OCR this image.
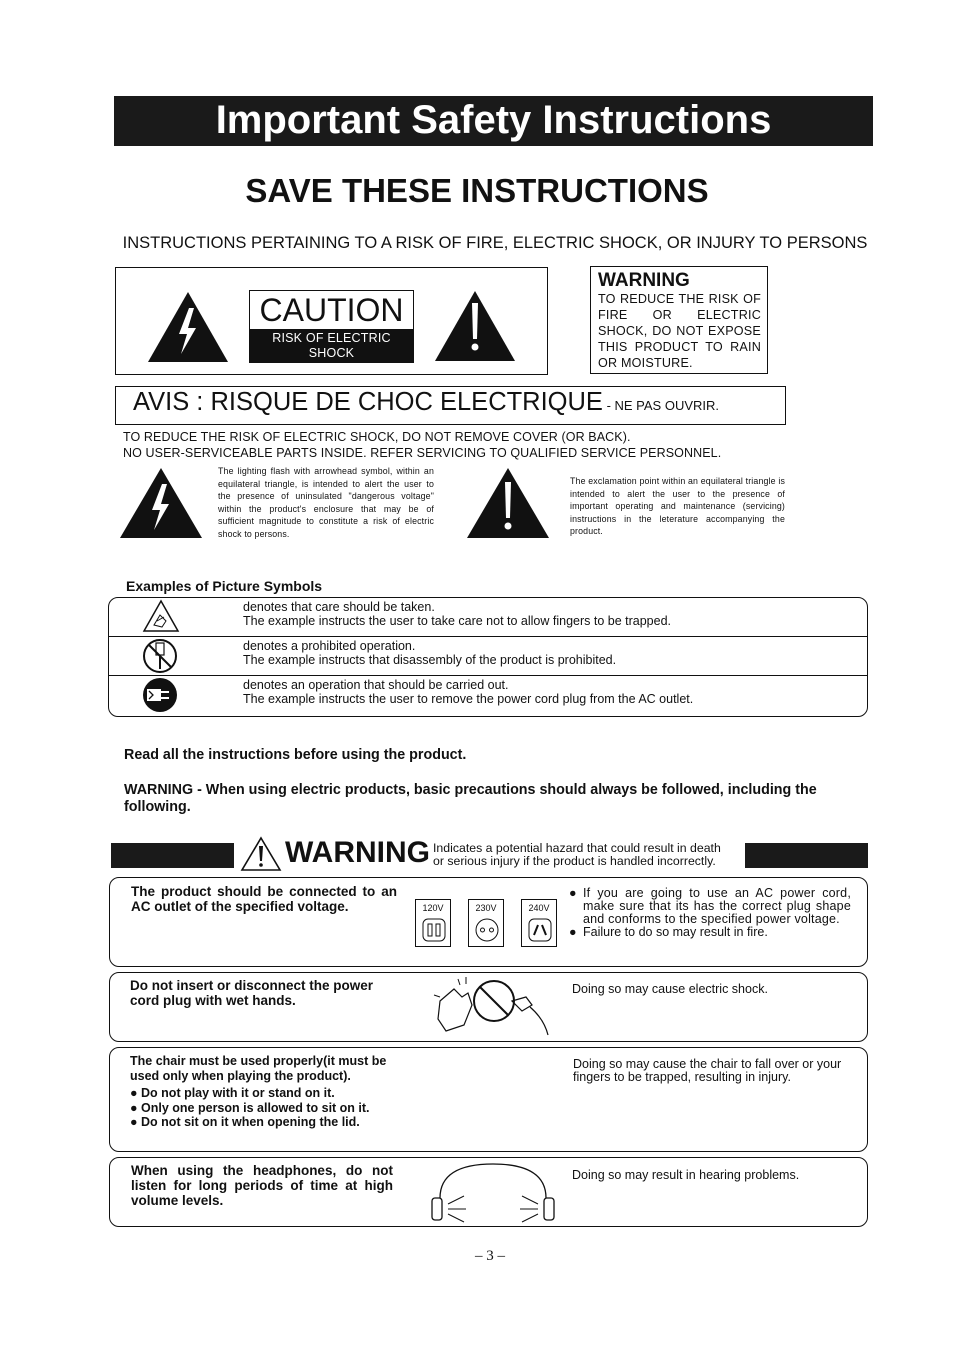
Important Safety Instructions
SAVE THESE INSTRUCTIONS
INSTRUCTIONS PERTAINING TO A RISK OF FIRE, ELECTRIC SHOCK, OR INJURY TO PERSONS
CAUTION
RISK OF ELECTRIC SHOCK
DO NOT OPEN
WARNING
TO REDUCE THE RISK OF FIRE OR ELECTRIC SHOCK, DO NOT EXPOSE THIS PRODUCT TO RAIN OR MOISTURE.
AVIS : RISQUE DE CHOC ELECTRIQUE - NE PAS OUVRIR.
TO REDUCE THE RISK OF ELECTRIC SHOCK, DO NOT REMOVE COVER (OR BACK).
NO USER-SERVICEABLE PARTS INSIDE. REFER SERVICING TO QUALIFIED SERVICE PERSONNEL.
The lighting flash with arrowhead symbol, within an equilateral triangle, is intended to alert the user to the presence of uninsulated "dangerous voltage" within the product's enclosure that may be of sufficient magnitude to constitute a risk of electric shock to persons.
The exclamation point within an equilateral triangle is intended to alert the user to the presence of important operating and maintenance (servicing) instructions in the leterature accompanying the product.
Examples of Picture Symbols
denotes that care should be taken.
The example instructs the user to take care not to allow fingers to be trapped.
denotes a prohibited operation.
The example instructs that disassembly of the product is prohibited.
denotes an operation that should be carried out.
The example instructs the user to remove the power cord plug from the AC outlet.
Read all the instructions before using the product.
WARNING - When using electric products, basic precautions should always be followed, including the following.
WARNING Indicates a potential hazard that could result in death
or serious injury if the product is handled incorrectly.
The product should be connected to an AC outlet of the specified voltage.	120V	230V	240V
● If you are going to use an AC power cord, make sure that its has the correct plug shape and conforms to the specified power voltage.
● Failure to do so may result in fire.
Do not insert or disconnect the power cord plug with wet hands.
Doing so may cause electric shock.
The chair must be used properly(it must be used only when playing the product).
● Do not play with it or stand on it.
● Only one person is allowed to sit on it.
● Do not sit on it when opening the lid.
Doing so may cause the chair to fall over or your fingers to be trapped, resulting in injury.
When using the headphones, do not listen for long periods of time at high volume levels.
Doing so may result in hearing problems.
– 3 –
